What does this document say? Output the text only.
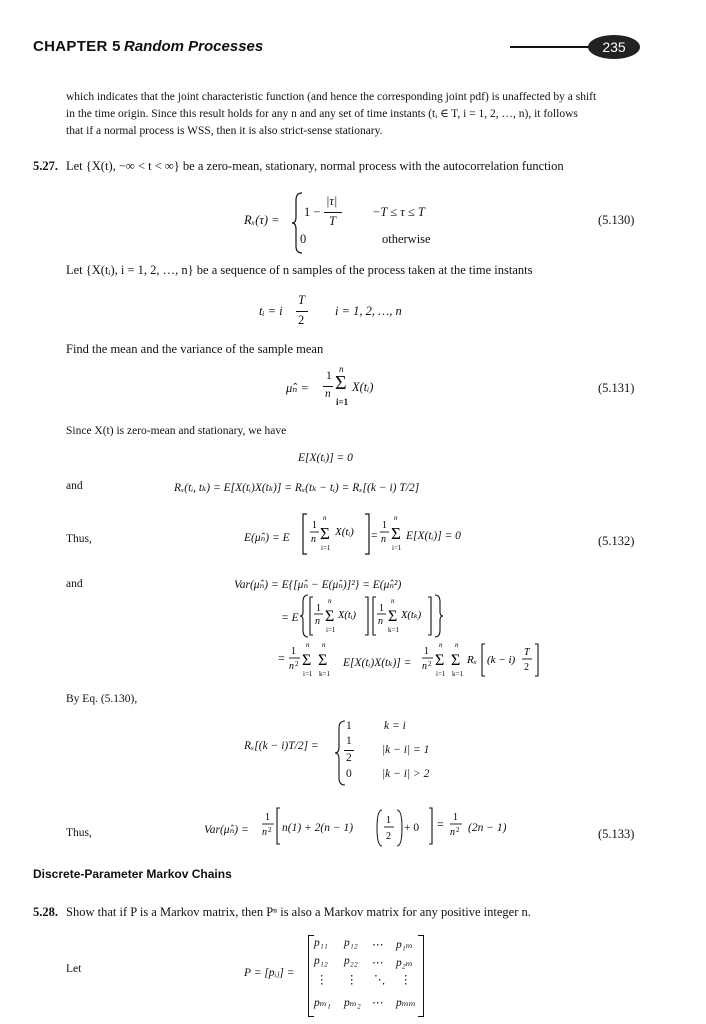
CHAPTER 5 Random Processes	235
which indicates that the joint characteristic function (and hence the corresponding joint pdf) is unaffected by a shift
in the time origin. Since this result holds for any n and any set of time instants (tᵢ ∈ T, i = 1, 2, …, n), it follows
that if a normal process is WSS, then it is also strict-sense stationary.
5.27. Let {X(t), −∞ < t < ∞} be a zero-mean, stationary, normal process with the autocorrelation function
Rₓ(τ) =
1 −
|τ|
T
−T ≤ τ ≤ T
0	otherwise
(5.130)
Let {X(tᵢ), i = 1, 2, …, n} be a sequence of n samples of the process taken at the time instants
tᵢ = i
T
2
i = 1, 2, …, n
Find the mean and the variance of the sample mean
μ̂ₙ =
1
n
n
Σ
i=1
X(tᵢ)	(5.131)
Since X(t) is zero-mean and stationary, we have
E[X(tᵢ)] = 0
and	Rₓ(tᵢ, tₖ) = E[X(tᵢ)X(tₖ)] = Rₓ(tₖ − tᵢ) = Rₓ[(k − i) T/2]
Thus,	E(μ̂ₙ) = E
1
n
n
Σ
i=1
X(tᵢ)
1
n
n
Σ
i=1
= E[X(tᵢ)] = 0	(5.132)
and	Var(μ̂ₙ) = E{[μ̂ₙ − E(μ̂ₙ)]²} = E(μ̂ₙ²)
= E
1
n
n
Σ
i=1
X(tᵢ)
1
n
n
Σ
k=1
X(tₖ)
= 1
n 2
n
Σ
i=1
n
Σ
k=1
E[X(tᵢ)X(tₖ)] =
1
n 2
n
Σ
i=1
n
Σ
k=1
Rₓ (k − i)
T
2
By Eq. (5.130),
Rₓ[(k − i)T/2] =
1	k = i
1
2
|k − i| = 1
0	|k − i| > 2
Thus,	Var(μ̂ₙ) =
1
n 2 n(1) + 2(n − 1)
1
2
+ 0 = 1
n 2 (2n − 1)	(5.133)
Discrete-Parameter Markov Chains
5.28. Show that if P is a Markov matrix, then Pⁿ is also a Markov matrix for any positive integer n.
Let	P = [pᵢⱼ] =
p₁₁ p₁₂ ⋯ p₁ₘ
p₁₂ p₂₂ ⋯ p₂ₘ
⋮ ⋮ ⋱ ⋮
pₘ₁ pₘ₂ ⋯ pₘₘ
